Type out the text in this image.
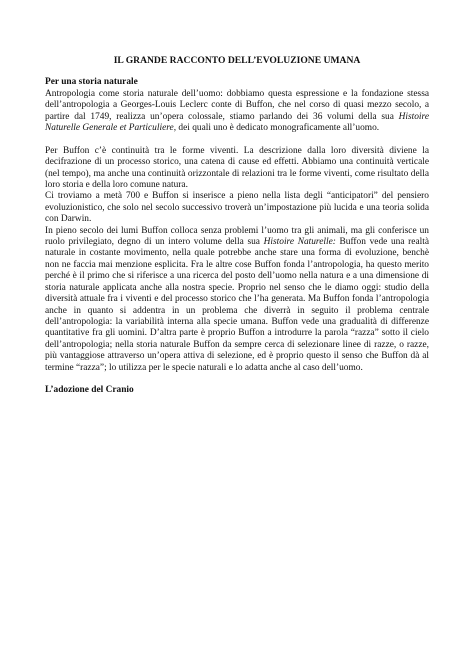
IL GRANDE RACCONTO DELL’EVOLUZIONE UMANA
Per una storia naturale

Antropologia come storia naturale dell’uomo: dobbiamo questa espressione e la fondazione stessa dell’antropologia a Georges-Louis Leclerc conte di Buffon, che nel corso di quasi mezzo secolo, a partire dal 1749, realizza un’opera colossale, stiamo parlando dei 36 volumi della sua Histoire Naturelle Generale et Particuliere, dei quali uno è dedicato monograficamente all’uomo.

Per Buffon c’è continuità tra le forme viventi. La descrizione dalla loro diversità diviene la decifrazione di un processo storico, una catena di cause ed effetti. Abbiamo una continuità verticale (nel tempo), ma anche una continuità orizzontale di relazioni tra le forme viventi, come risultato della loro storia e della loro comune natura.

Ci troviamo a metà 700 e Buffon si inserisce a pieno nella lista degli “anticipatori” del pensiero evoluzionistico, che solo nel secolo successivo troverà un’impostazione più lucida e una teoria solida con Darwin.

In pieno secolo dei lumi Buffon colloca senza problemi l’uomo tra gli animali, ma gli conferisce un ruolo privilegiato, degno di un intero volume della sua Histoire Naturelle: Buffon vede una realtà naturale in costante movimento, nella quale potrebbe anche stare una forma di evoluzione, benchè non ne faccia mai menzione esplicita. Fra le altre cose Buffon fonda l’antropologia, ha questo merito perché è il primo che si riferisce a una ricerca del posto dell’uomo nella natura e a una dimensione di storia naturale applicata anche alla nostra specie. Proprio nel senso che le diamo oggi: studio della diversità attuale fra i viventi e del processo storico che l’ha generata. Ma Buffon fonda l’antropologia anche in quanto si addentra in un problema che diverrà in seguito il problema centrale dell’antropologia: la variabilità interna alla specie umana. Buffon vede una gradualità di differenze quantitative fra gli uomini. D’altra parte è proprio Buffon a introdurre la parola “razza” sotto il cielo dell’antropologia; nella storia naturale Buffon da sempre cerca di selezionare linee di razze, o razze, più vantaggiose attraverso un’opera attiva di selezione, ed è proprio questo il senso che Buffon dà al termine “razza”; lo utilizza per le specie naturali e lo adatta anche al caso dell’uomo.

L’adozione del Cranio
